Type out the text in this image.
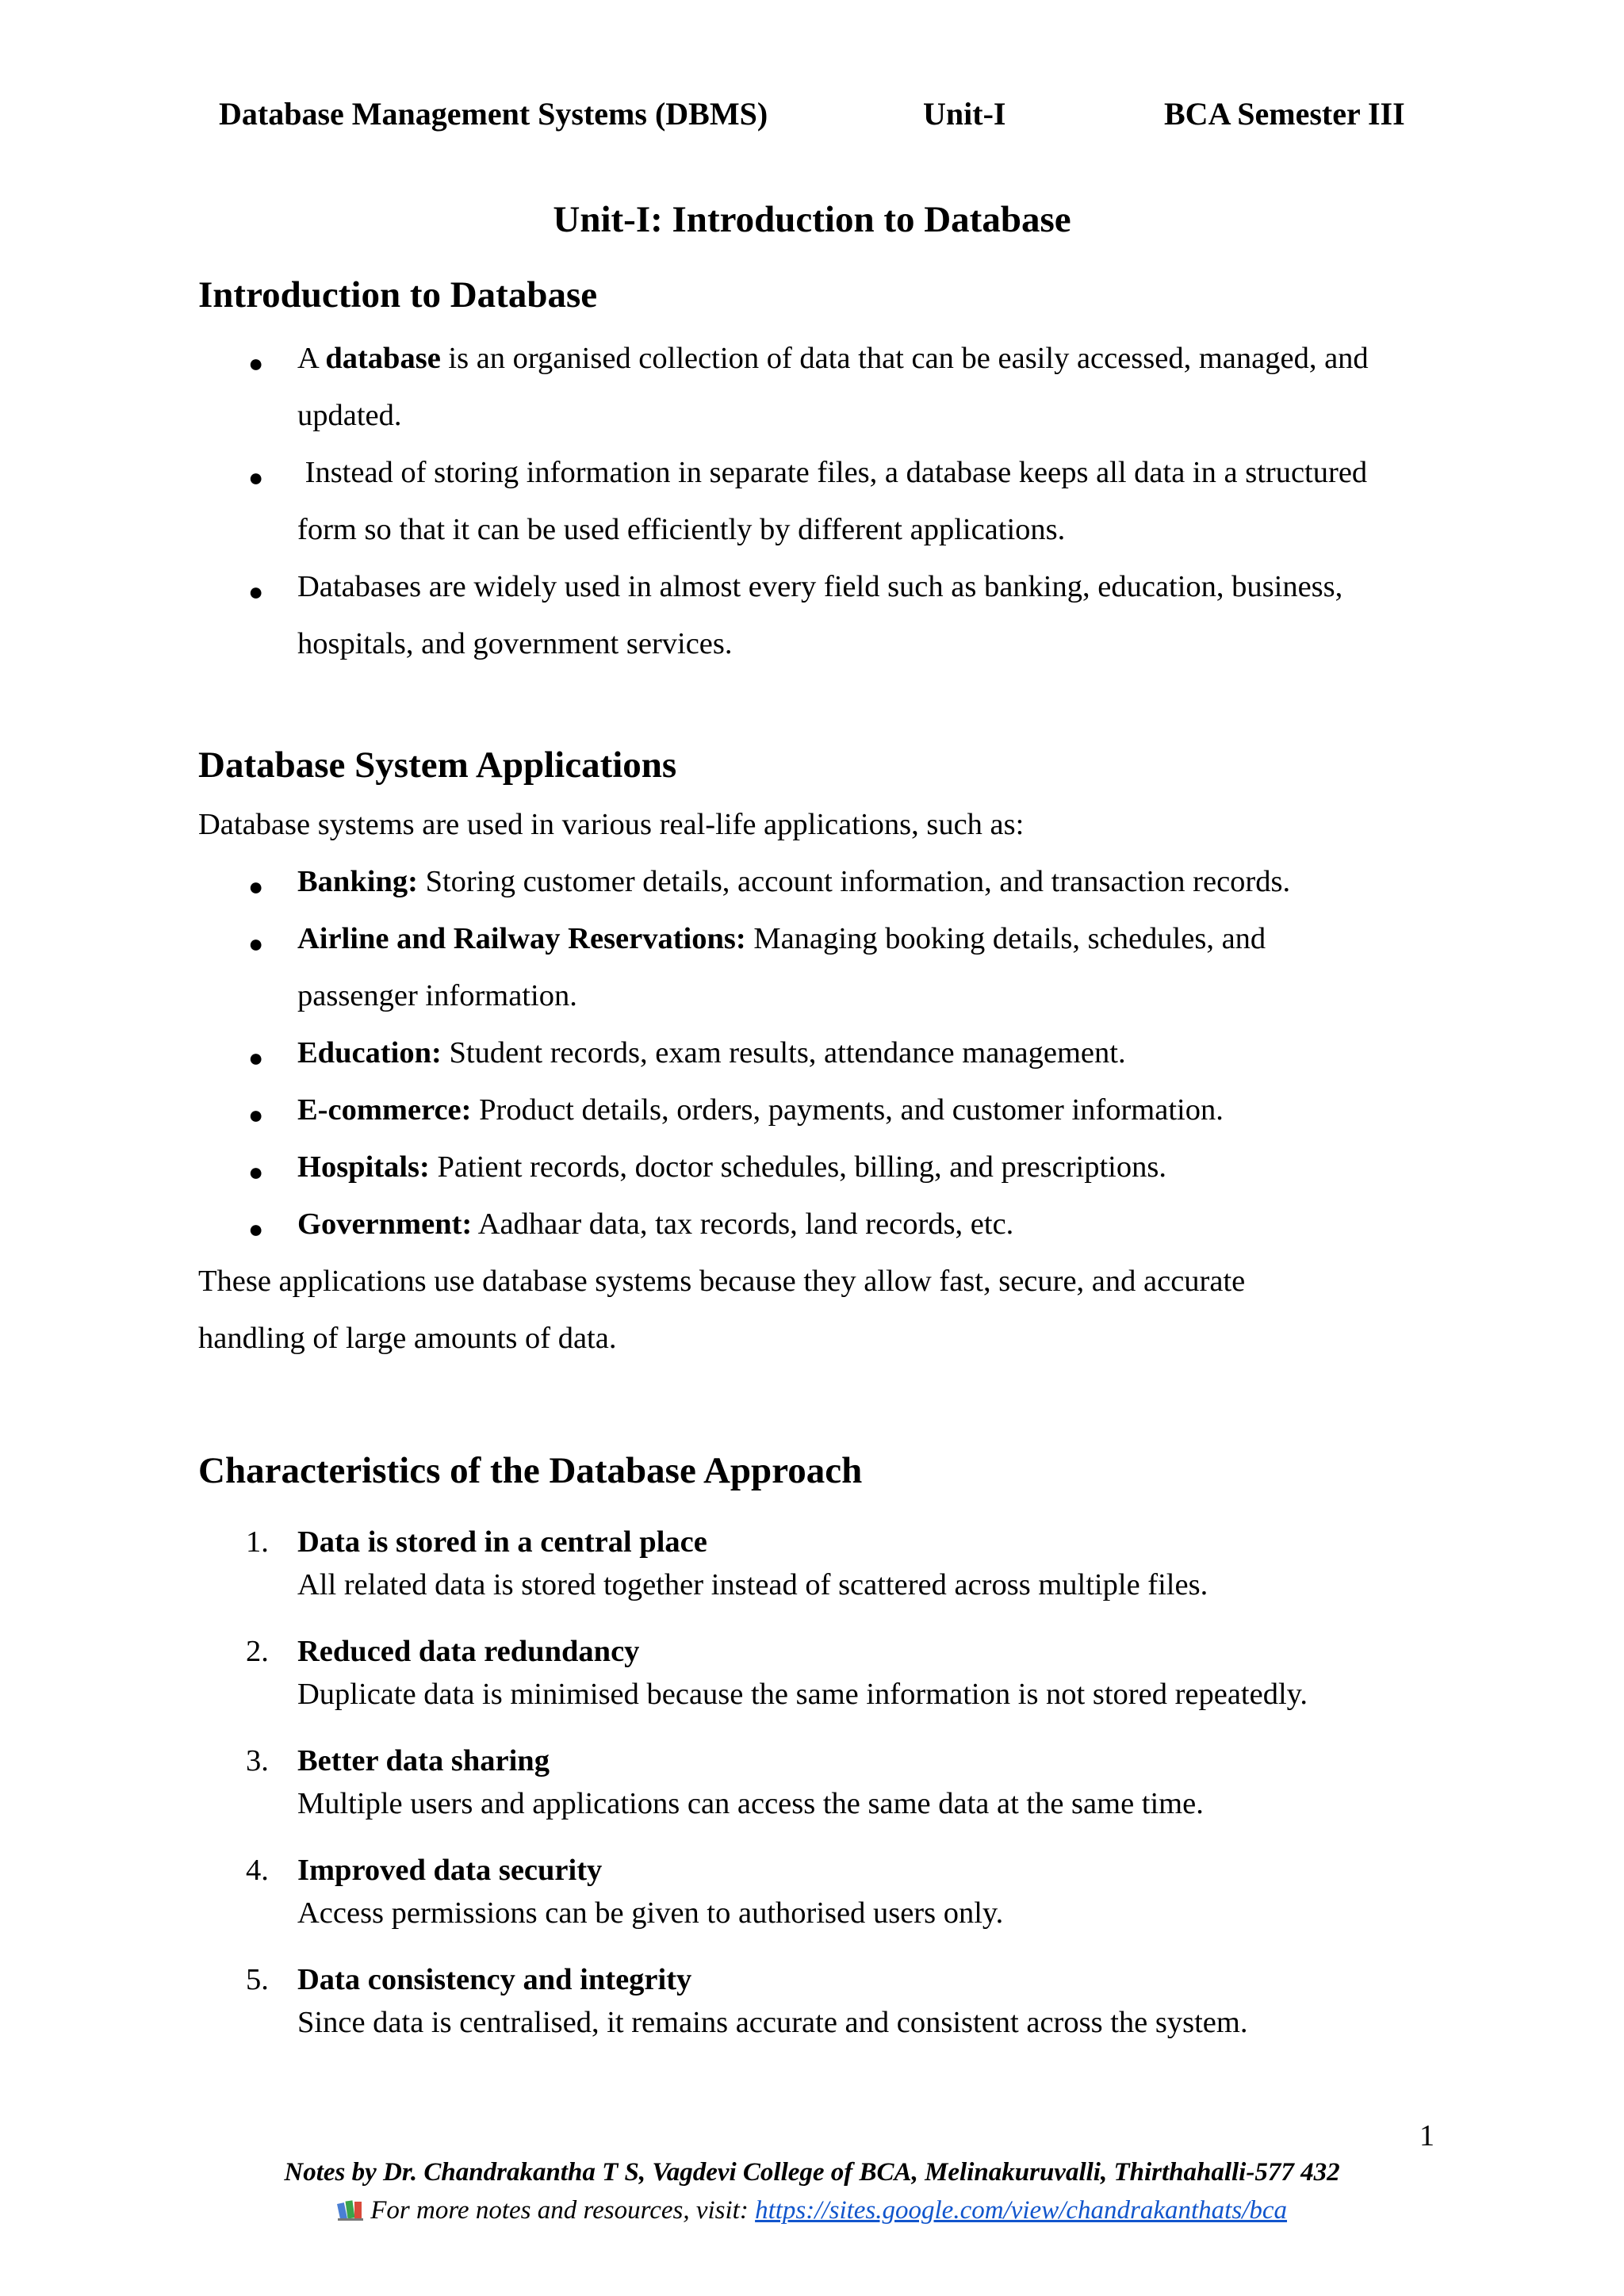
Database Management Systems (DBMS)	Unit-I	BCA Semester III
Unit-I: Introduction to Database
Introduction to Database
● A database is an organised collection of data that can be easily accessed, managed, and
updated.
● Instead of storing information in separate files, a database keeps all data in a structured
form so that it can be used efficiently by different applications.
● Databases are widely used in almost every field such as banking, education, business,
hospitals, and government services.
Database System Applications
Database systems are used in various real-life applications, such as:
● Banking: Storing customer details, account information, and transaction records.
● Airline and Railway Reservations: Managing booking details, schedules, and
passenger information.
● Education: Student records, exam results, attendance management.
● E-commerce: Product details, orders, payments, and customer information.
● Hospitals: Patient records, doctor schedules, billing, and prescriptions.
● Government: Aadhaar data, tax records, land records, etc.
These applications use database systems because they allow fast, secure, and accurate
handling of large amounts of data.
Characteristics of the Database Approach
1. Data is stored in a central place
All related data is stored together instead of scattered across multiple files.
2. Reduced data redundancy
Duplicate data is minimised because the same information is not stored repeatedly.
3. Better data sharing
Multiple users and applications can access the same data at the same time.
4. Improved data security
Access permissions can be given to authorised users only.
5. Data consistency and integrity
Since data is centralised, it remains accurate and consistent across the system.
1
Notes by Dr. Chandrakantha T S, Vagdevi College of BCA, Melinakuruvalli, Thirthahalli-577 432
For more notes and resources, visit: https://sites.google.com/view/chandrakanthats/bca
